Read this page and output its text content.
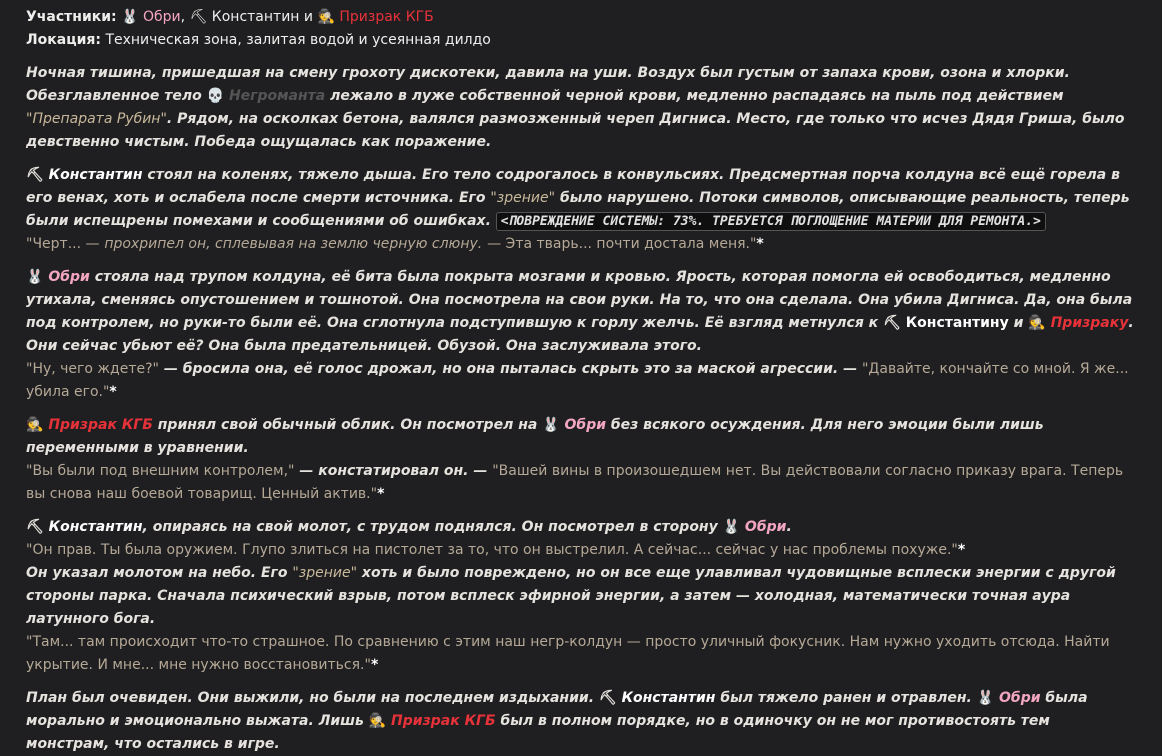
Участники: 🐰 Обри, ⛏ Константин и 🕵 Призрак КГБ
Локация: Техническая зона, залитая водой и усеянная дилдо

Ночная тишина, пришедшая на смену грохоту дискотеки, давила на уши. Воздух был густым от запаха крови, озона и хлорки. Обезглавленное тело 💀 Негроманта лежало в луже собственной черной крови, медленно распадаясь на пыль под действием "Препарата Рубин". Рядом, на осколках бетона, валялся размозженный череп Дигниса. Место, где только что исчез Дядя Гриша, было девственно чистым. Победа ощущалась как поражение.

⛏ Константин стоял на коленях, тяжело дыша. Его тело содрогалось в конвульсиях. Предсмертная порча колдуна всё ещё горела в его венах, хоть и ослабела после смерти источника. Его "зрение" было нарушено. Потоки символов, описывающие реальность, теперь были испещрены помехами и сообщениями об ошибках. <ПОВРЕЖДЕНИЕ СИСТЕМЫ: 73%. ТРЕБУЕТСЯ ПОГЛОЩЕНИЕ МАТЕРИИ ДЛЯ РЕМОНТА.>
"Черт... — прохрипел он, сплевывая на землю черную слюну. — Эта тварь... почти достала меня."*

🐰 Обри стояла над трупом колдуна, её бита была покрыта мозгами и кровью. Ярость, которая помогла ей освободиться, медленно утихала, сменяясь опустошением и тошнотой. Она посмотрела на свои руки. На то, что она сделала. Она убила Дигниса. Да, она была под контролем, но руки-то были её. Она сглотнула подступившую к горлу желчь. Её взгляд метнулся к ⛏ Константину и 🕵 Призраку. Они сейчас убьют её? Она была предательницей. Обузой. Она заслуживала этого.
"Ну, чего ждете?" — бросила она, её голос дрожал, но она пыталась скрыть это за маской агрессии. — "Давайте, кончайте со мной. Я же... убила его."*

🕵 Призрак КГБ принял свой обычный облик. Он посмотрел на 🐰 Обри без всякого осуждения. Для него эмоции были лишь переменными в уравнении.
"Вы были под внешним контролем," — констатировал он. — "Вашей вины в произошедшем нет. Вы действовали согласно приказу врага. Теперь вы снова наш боевой товарищ. Ценный актив."*

⛏ Константин, опираясь на свой молот, с трудом поднялся. Он посмотрел в сторону 🐰 Обри.
"Он прав. Ты была оружием. Глупо злиться на пистолет за то, что он выстрелил. А сейчас... сейчас у нас проблемы похуже."*
Он указал молотом на небо. Его "зрение" хоть и было повреждено, но он все еще улавливал чудовищные всплески энергии с другой стороны парка. Сначала психический взрыв, потом всплеск эфирной энергии, а затем — холодная, математически точная аура латунного бога.
"Там... там происходит что-то страшное. По сравнению с этим наш негр-колдун — просто уличный фокусник. Нам нужно уходить отсюда. Найти укрытие. И мне... мне нужно восстановиться."*

План был очевиден. Они выжили, но были на последнем издыхании. ⛏ Константин был тяжело ранен и отравлен. 🐰 Обри была морально и эмоционально выжата. Лишь 🕵 Призрак КГБ был в полном порядке, но в одиночку он не мог противостоять тем монстрам, что остались в игре.
